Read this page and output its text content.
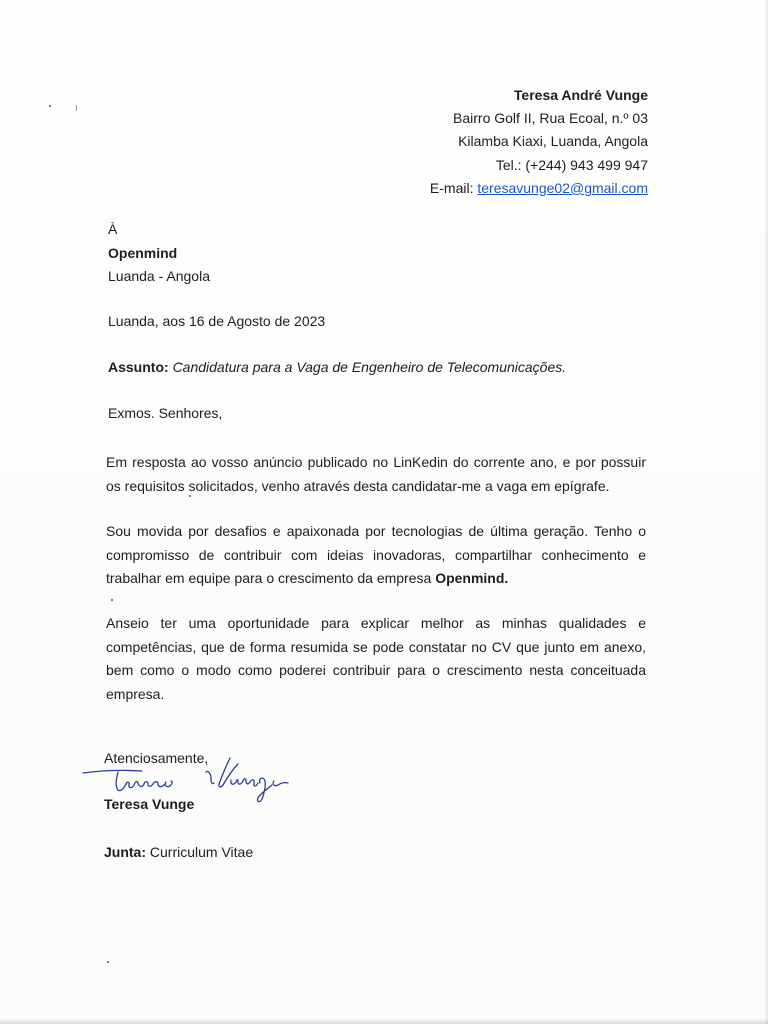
Teresa André Vunge
Bairro Golf II, Rua Ecoal, n.º 03
Kilamba Kiaxi, Luanda, Angola
Tel.: (+244) 943 499 947
E-mail: teresavunge02@gmail.com
À
Openmind
Luanda - Angola
Luanda, aos 16 de Agosto de 2023
Assunto: Candidatura para a Vaga de Engenheiro de Telecomunicações.
Exmos. Senhores,
Em resposta ao vosso anúncio publicado no LinKedin do corrente ano, e por possuir os requisitos solicitados, venho através desta candidatar-me a vaga em epígrafe.
Sou movida por desafios e apaixonada por tecnologias de última geração. Tenho o compromisso de contribuir com ideias inovadoras, compartilhar conhecimento e trabalhar em equipe para o crescimento da empresa Openmind.
Anseio ter uma oportunidade para explicar melhor as minhas qualidades e competências, que de forma resumida se pode constatar no CV que junto em anexo, bem como o modo como poderei contribuir para o crescimento nesta conceituada empresa.
Atenciosamente,
Teresa Vunge
Junta: Curriculum Vitae
